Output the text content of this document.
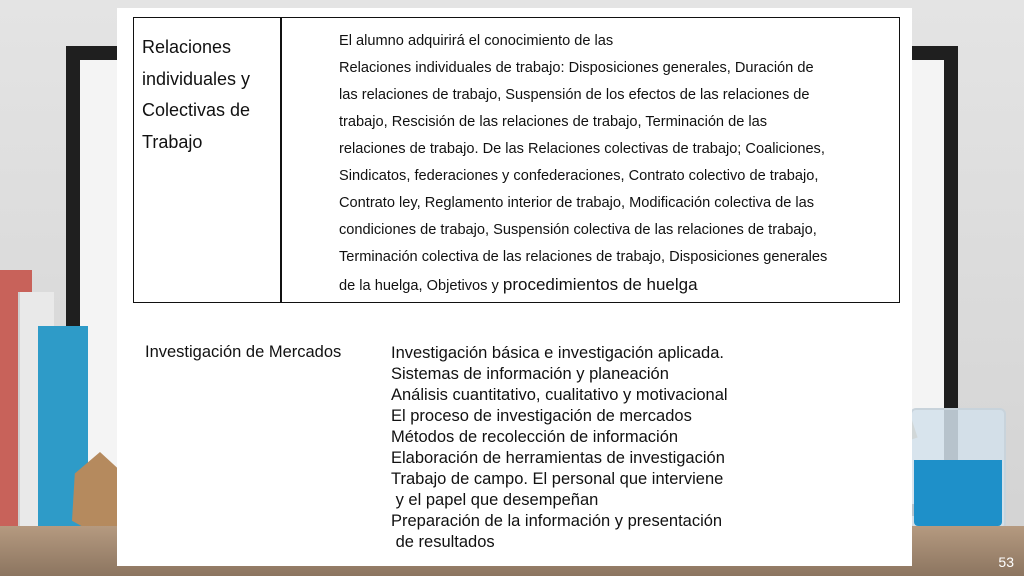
Relaciones individuales y Colectivas de Trabajo
El alumno adquirirá el conocimiento de las
Relaciones individuales de trabajo: Disposiciones generales, Duración de
las relaciones de trabajo, Suspensión de los efectos de las relaciones de
trabajo, Rescisión de las relaciones de trabajo, Terminación de las
relaciones de trabajo. De las Relaciones colectivas de trabajo; Coaliciones,
Sindicatos, federaciones y confederaciones, Contrato colectivo de trabajo,
Contrato ley, Reglamento interior de trabajo, Modificación colectiva de las
condiciones de trabajo, Suspensión colectiva de las relaciones de trabajo,
Terminación colectiva de las relaciones de trabajo, Disposiciones generales
de la huelga, Objetivos y procedimientos de huelga
Investigación de Mercados	Investigación básica e investigación aplicada.
Sistemas de información y planeación
Análisis cuantitativo, cualitativo y motivacional
El proceso de investigación de mercados
Métodos de recolección de información
Elaboración de herramientas de investigación
Trabajo de campo. El personal que interviene
y el papel que desempeñan
Preparación de la información y presentación
de resultados
53
